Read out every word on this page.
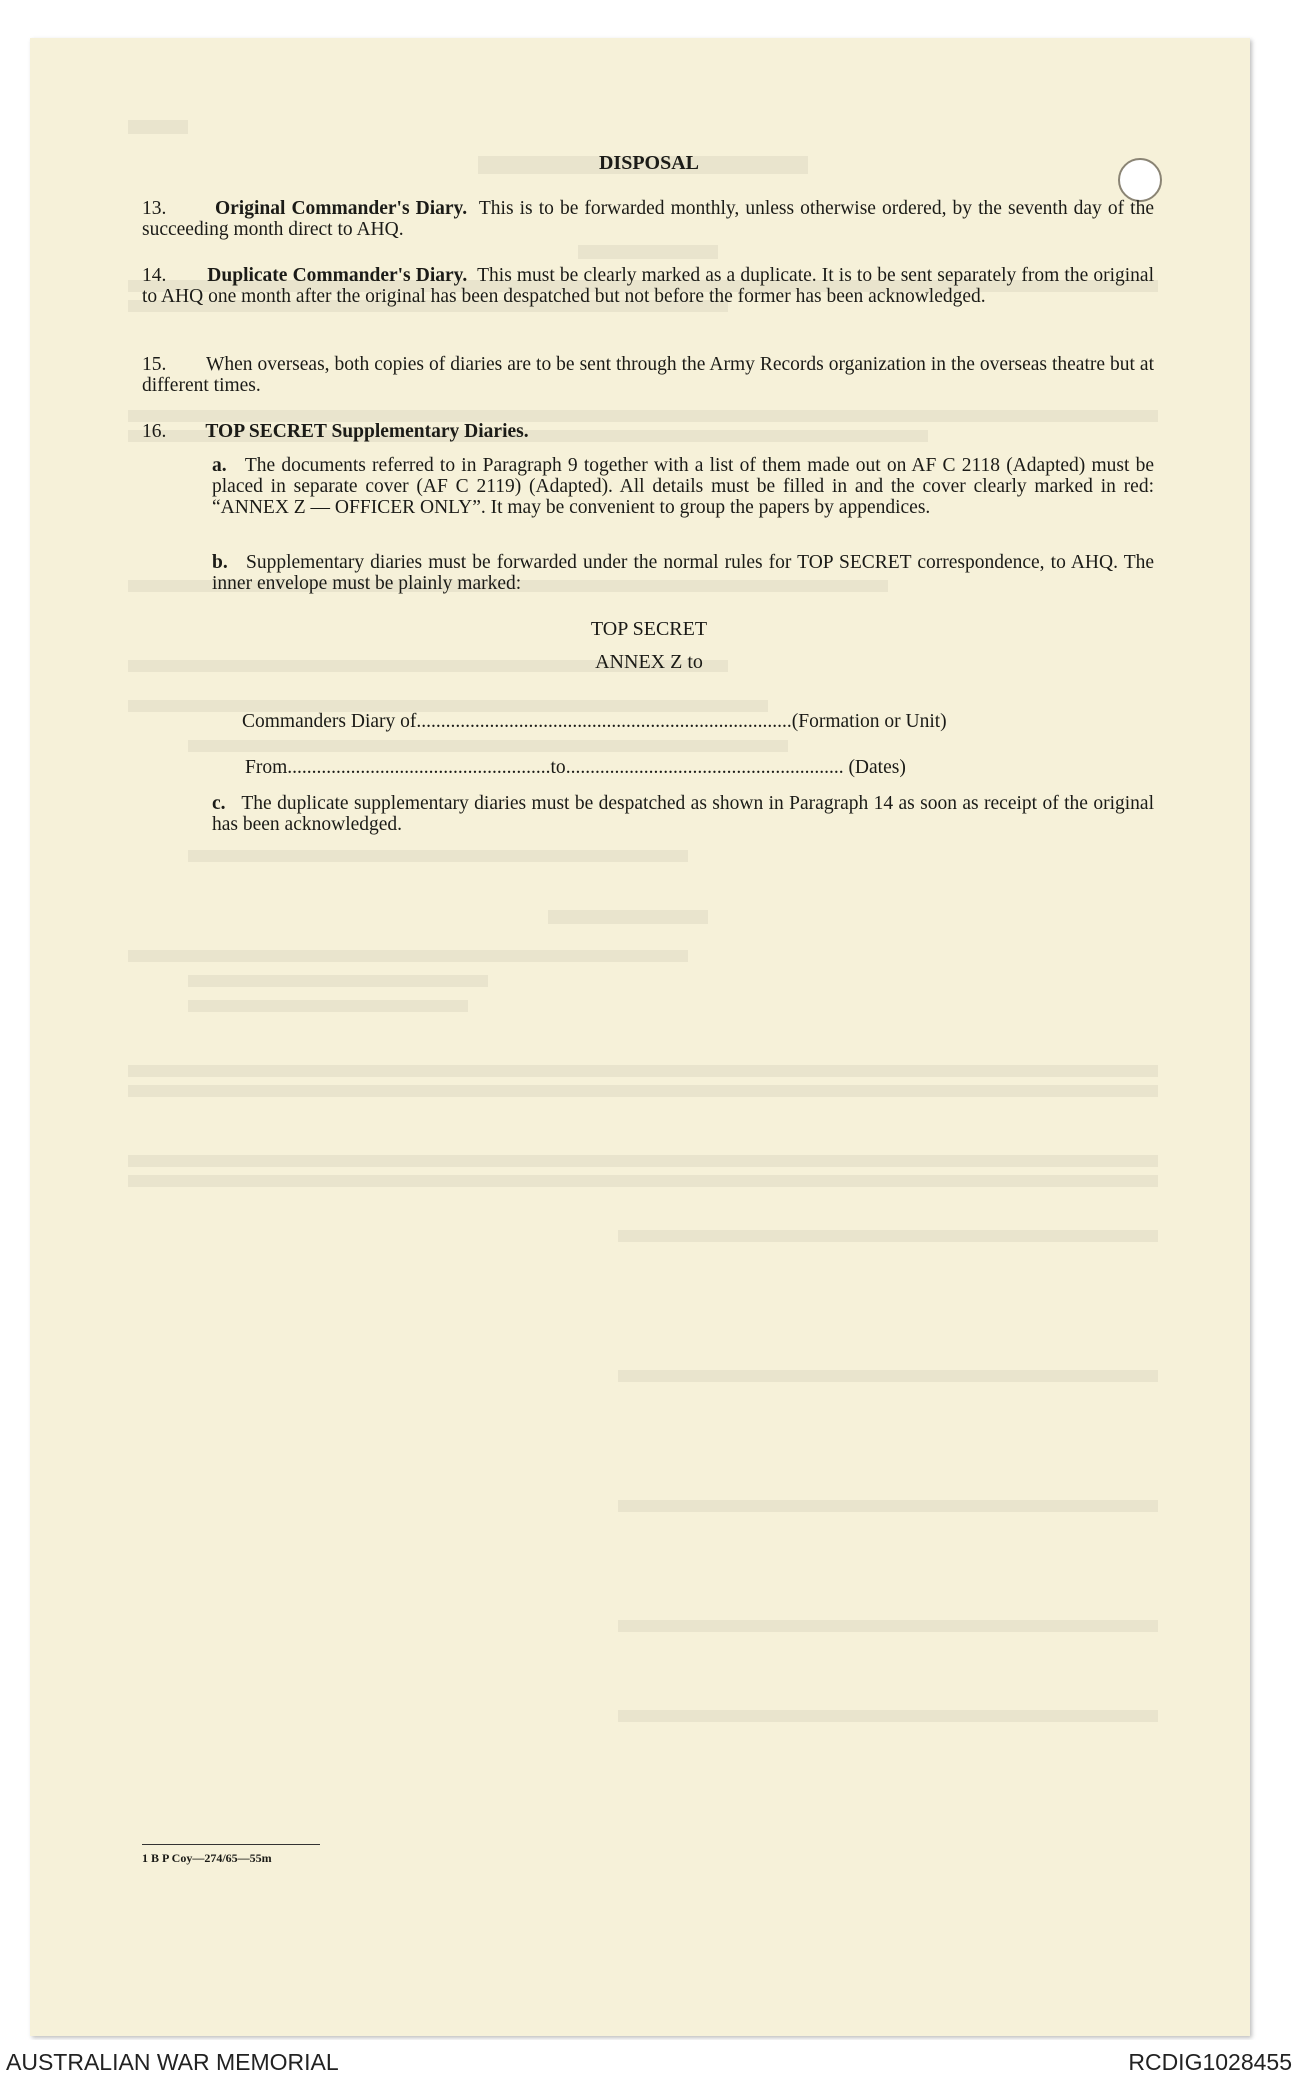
DISPOSAL
13. Original Commander's Diary. This is to be forwarded monthly, unless otherwise ordered, by the seventh day of the succeeding month direct to AHQ.
14. Duplicate Commander's Diary. This must be clearly marked as a duplicate. It is to be sent separately from the original to AHQ one month after the original has been despatched but not before the former has been acknowledged.
15. When overseas, both copies of diaries are to be sent through the Army Records organization in the overseas theatre but at different times.
16. TOP SECRET Supplementary Diaries.
a. The documents referred to in Paragraph 9 together with a list of them made out on AF C 2118 (Adapted) must be placed in separate cover (AF C 2119) (Adapted). All details must be filled in and the cover clearly marked in red: “ANNEX Z — OFFICER ONLY”. It may be convenient to group the papers by appendices.
b. Supplementary diaries must be forwarded under the normal rules for TOP SECRET correspondence, to AHQ. The inner envelope must be plainly marked:
TOP SECRET
ANNEX Z to
Commanders Diary of.............................................................................(Formation or Unit)
From......................................................to......................................................... (Dates)
c. The duplicate supplementary diaries must be despatched as shown in Paragraph 14 as soon as receipt of the original has been acknowledged.
1 B P Coy—274/65—55m
AUSTRALIAN WAR MEMORIAL	RCDIG1028455
